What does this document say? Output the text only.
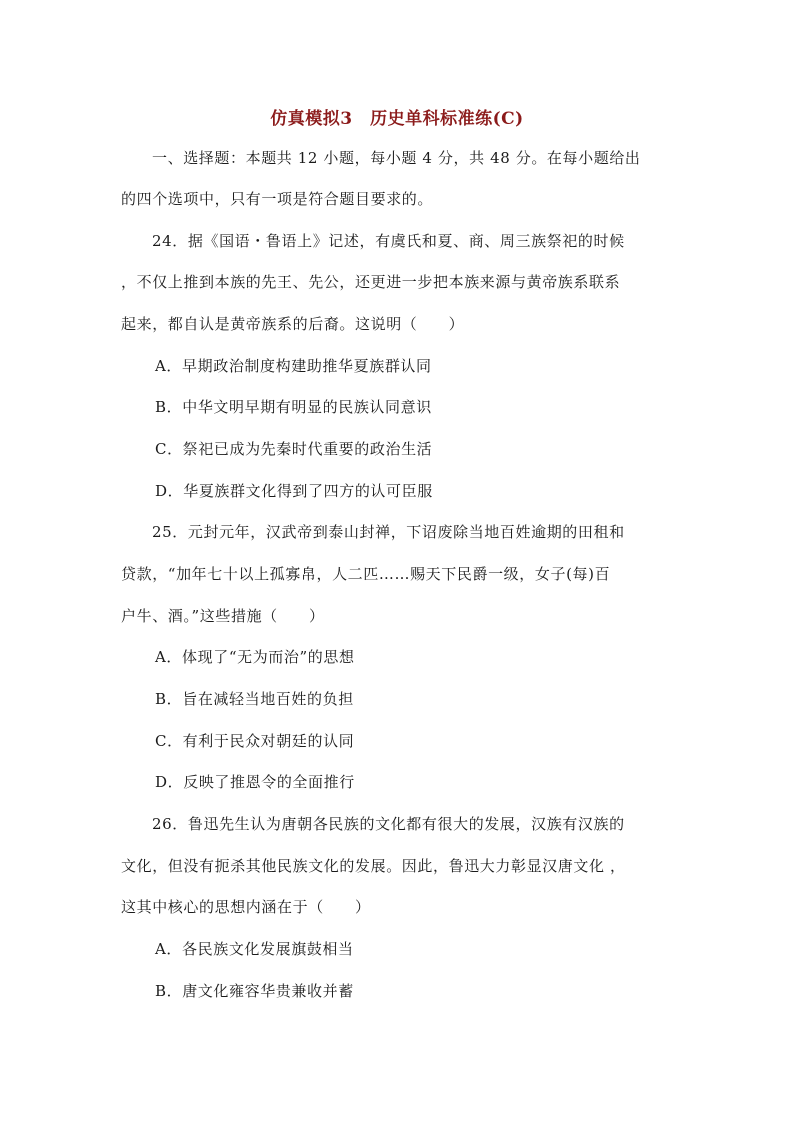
仿真模拟3　历史单科标准练(C)
一、选择题：本题共 12 小题，每小题 4 分，共 48 分。在每小题给出
的四个选项中，只有一项是符合题目要求的。
24．据《国语・鲁语上》记述，有虞氏和夏、商、周三族祭祀的时候
，不仅上推到本族的先王、先公，还更进一步把本族来源与黄帝族系联系
起来，都自认是黄帝族系的后裔。这说明（　　）
A．早期政治制度构建助推华夏族群认同
B．中华文明早期有明显的民族认同意识
C．祭祀已成为先秦时代重要的政治生活
D．华夏族群文化得到了四方的认可臣服
25．元封元年，汉武帝到泰山封禅，下诏废除当地百姓逾期的田租和
贷款，“加年七十以上孤寡帛，人二匹……赐天下民爵一级，女子(每)百
户牛、酒。”这些措施（　　）
A．体现了“无为而治”的思想
B．旨在减轻当地百姓的负担
C．有利于民众对朝廷的认同
D．反映了推恩令的全面推行
26．鲁迅先生认为唐朝各民族的文化都有很大的发展，汉族有汉族的
文化，但没有扼杀其他民族文化的发展。因此，鲁迅大力彰显汉唐文化 ，
这其中核心的思想内涵在于（　　）
A．各民族文化发展旗鼓相当
B．唐文化雍容华贵兼收并蓄
